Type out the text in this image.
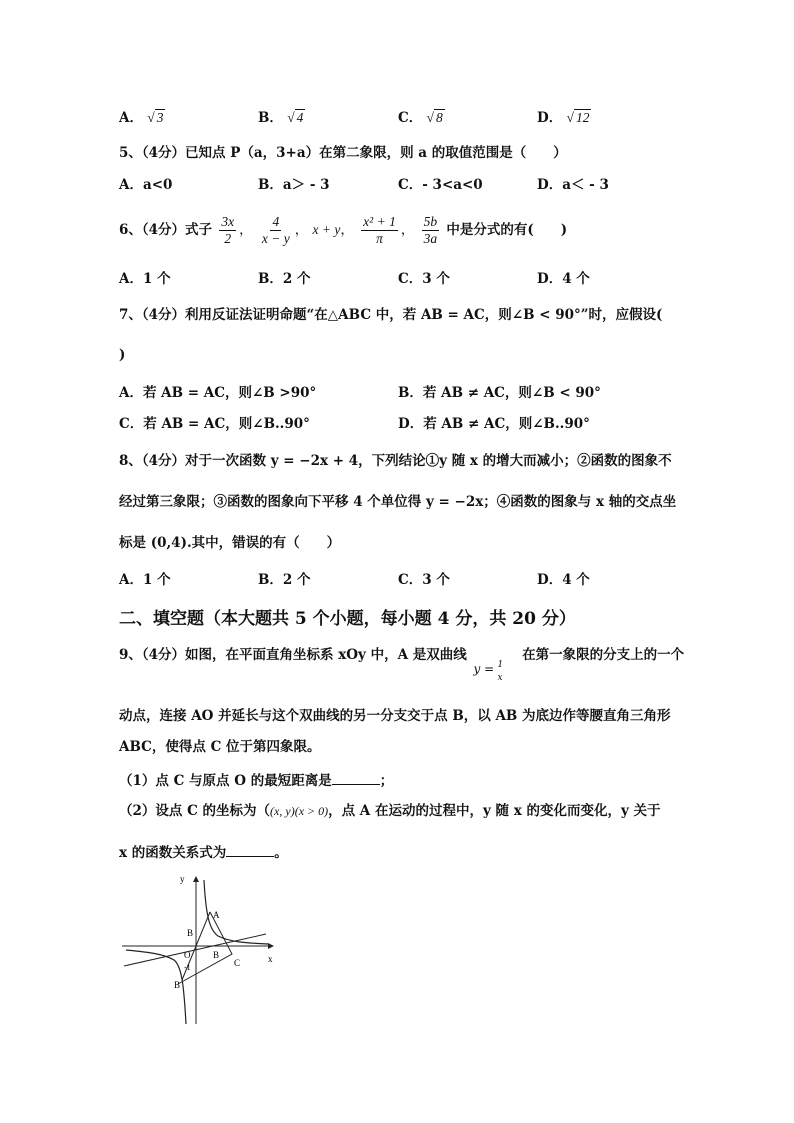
A． √ 3	B． √ 4	C． √ 8	D． √ 12
5、（4分）已知点 P（a，3+a）在第二象限，则 a 的取值范围是（　　）
A．a<0	B．a＞ - 3	C．- 3<a<0	D．a＜ - 3
6、（4分）式子 $\frac{3x}{2}$ ， $\frac{4}{x - y}$ ， x + y， $\frac{\text{x² + 1}}{\pi}$ ， $\frac{5b}{3a}$ 中是分式的有(　　)
A．1 个	B．2 个	C．3 个	D．4 个
7、（4分）利用反证法证明命题“在△ABC 中，若 AB = AC，则∠B < 90°”时，应假设(
)
A．若 AB = AC，则∠B >90°	B．若 AB ≠ AC，则∠B < 90°
C．若 AB = AC，则∠B..90°	D．若 AB ≠ AC，则∠B..90°
8、（4分）对于一次函数 y = −2x + 4，下列结论①y 随 x 的增大而减小；②函数的图象不
经过第三象限；③函数的图象向下平移 4 个单位得 y = −2x；④函数的图象与 x 轴的交点坐
标是 (0,4).其中，错误的有（　　）
A．1 个	B．2 个	C．3 个	D．4 个
二、填空题（本大题共 5 个小题，每小题 4 分，共 20 分）
9、（4分）如图，在平面直角坐标系 xOy 中，A 是双曲线
y = 1
x
在第一象限的分支上的一个
动点，连接 AO 并延长与这个双曲线的另一分支交于点 B，以 AB 为底边作等腰直角三角形
ABC，使得点 C 位于第四象限。
（1）点 C 与原点 O 的最短距离是	；
（2）设点 C 的坐标为（(x, y)(x > 0)，点 A 在运动的过程中，y 随 x 的变化而变化，y 关于
x 的函数关系式为	。
y
x
A
B
B
B
C
O
-1
